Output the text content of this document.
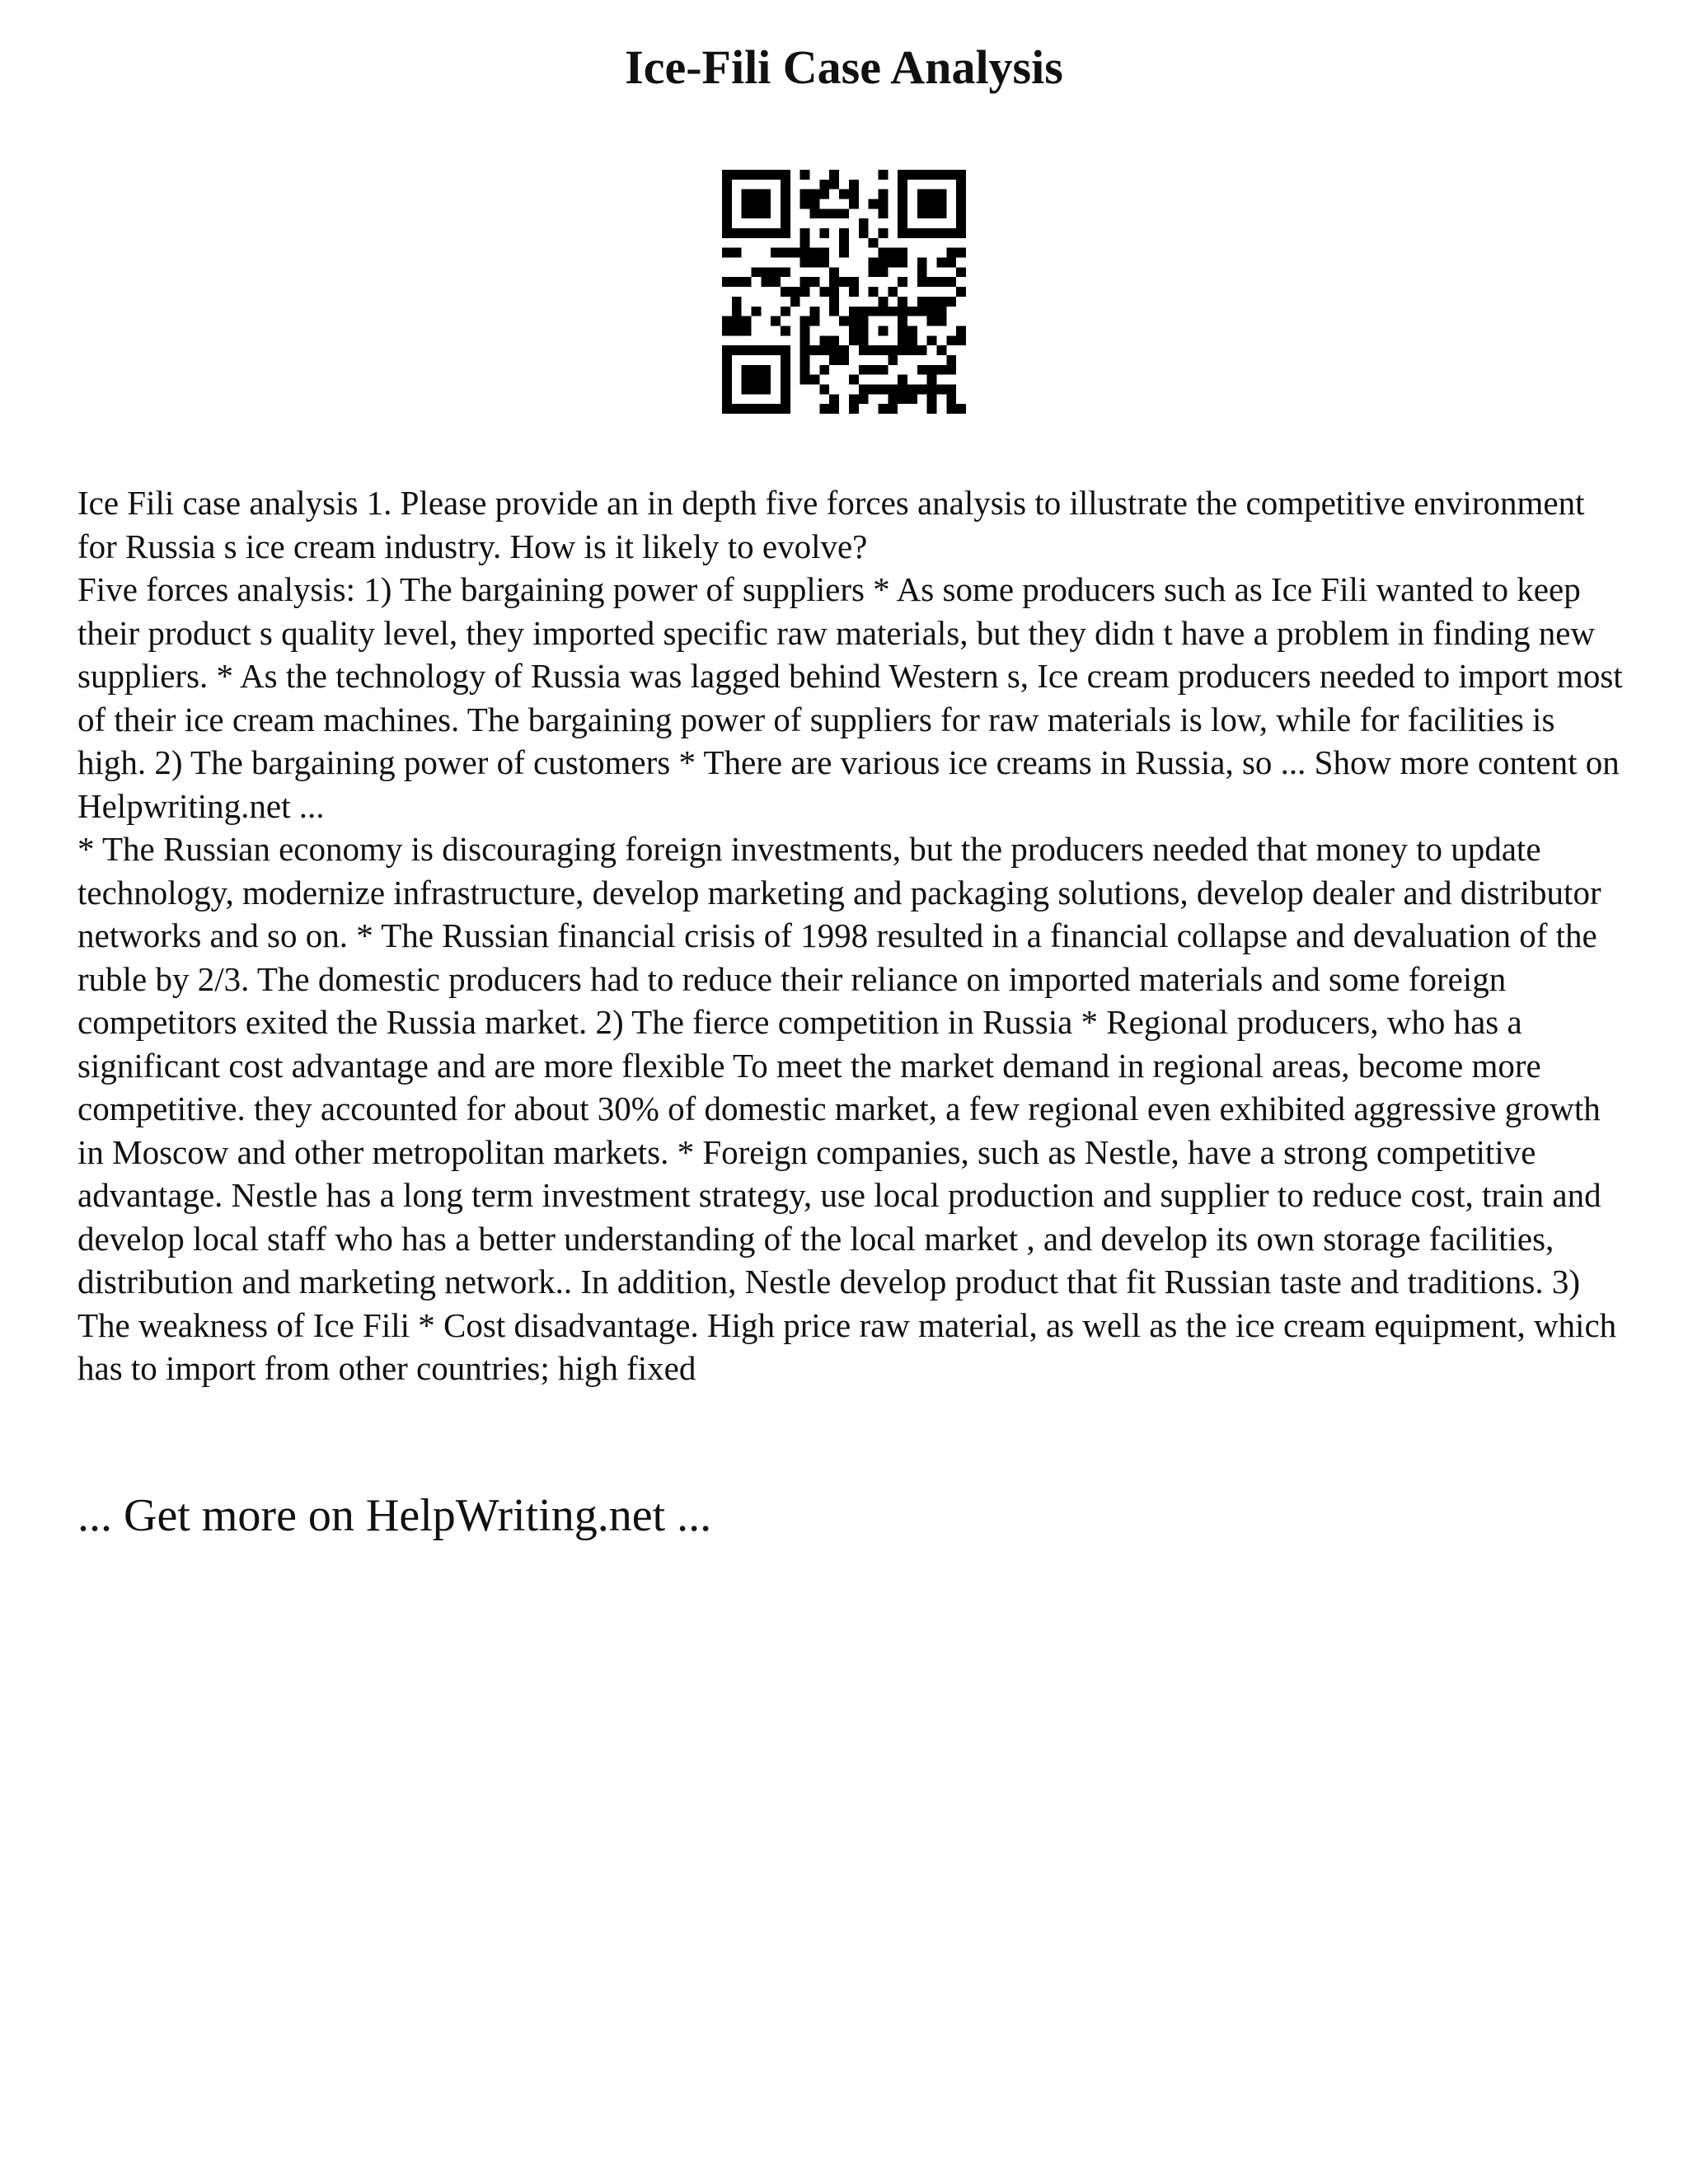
Ice-Fili Case Analysis

Ice Fili case analysis 1. Please provide an in depth five forces analysis to illustrate the competitive environment for Russia s ice cream industry. How is it likely to evolve?

Five forces analysis: 1) The bargaining power of suppliers * As some producers such as Ice Fili wanted to keep their product s quality level, they imported specific raw materials, but they didn t have a problem in finding new suppliers. * As the technology of Russia was lagged behind Western s, Ice cream producers needed to import most of their ice cream machines. The bargaining power of suppliers for raw materials is low, while for facilities is high. 2) The bargaining power of customers * There are various ice creams in Russia, so ... Show more content on Helpwriting.net ...

* The Russian economy is discouraging foreign investments, but the producers needed that money to update technology, modernize infrastructure, develop marketing and packaging solutions, develop dealer and distributor networks and so on. * The Russian financial crisis of 1998 resulted in a financial collapse and devaluation of the ruble by 2/3. The domestic producers had to reduce their reliance on imported materials and some foreign competitors exited the Russia market. 2) The fierce competition in Russia * Regional producers, who has a significant cost advantage and are more flexible To meet the market demand in regional areas, become more competitive. they accounted for about 30% of domestic market, a few regional even exhibited aggressive growth in Moscow and other metropolitan markets. * Foreign companies, such as Nestle, have a strong competitive advantage. Nestle has a long term investment strategy, use local production and supplier to reduce cost, train and develop local staff who has a better understanding of the local market , and develop its own storage facilities, distribution and marketing network.. In addition, Nestle develop product that fit Russian taste and traditions. 3) The weakness of Ice Fili * Cost disadvantage. High price raw material, as well as the ice cream equipment, which has to import from other countries; high fixed

... Get more on HelpWriting.net ...
